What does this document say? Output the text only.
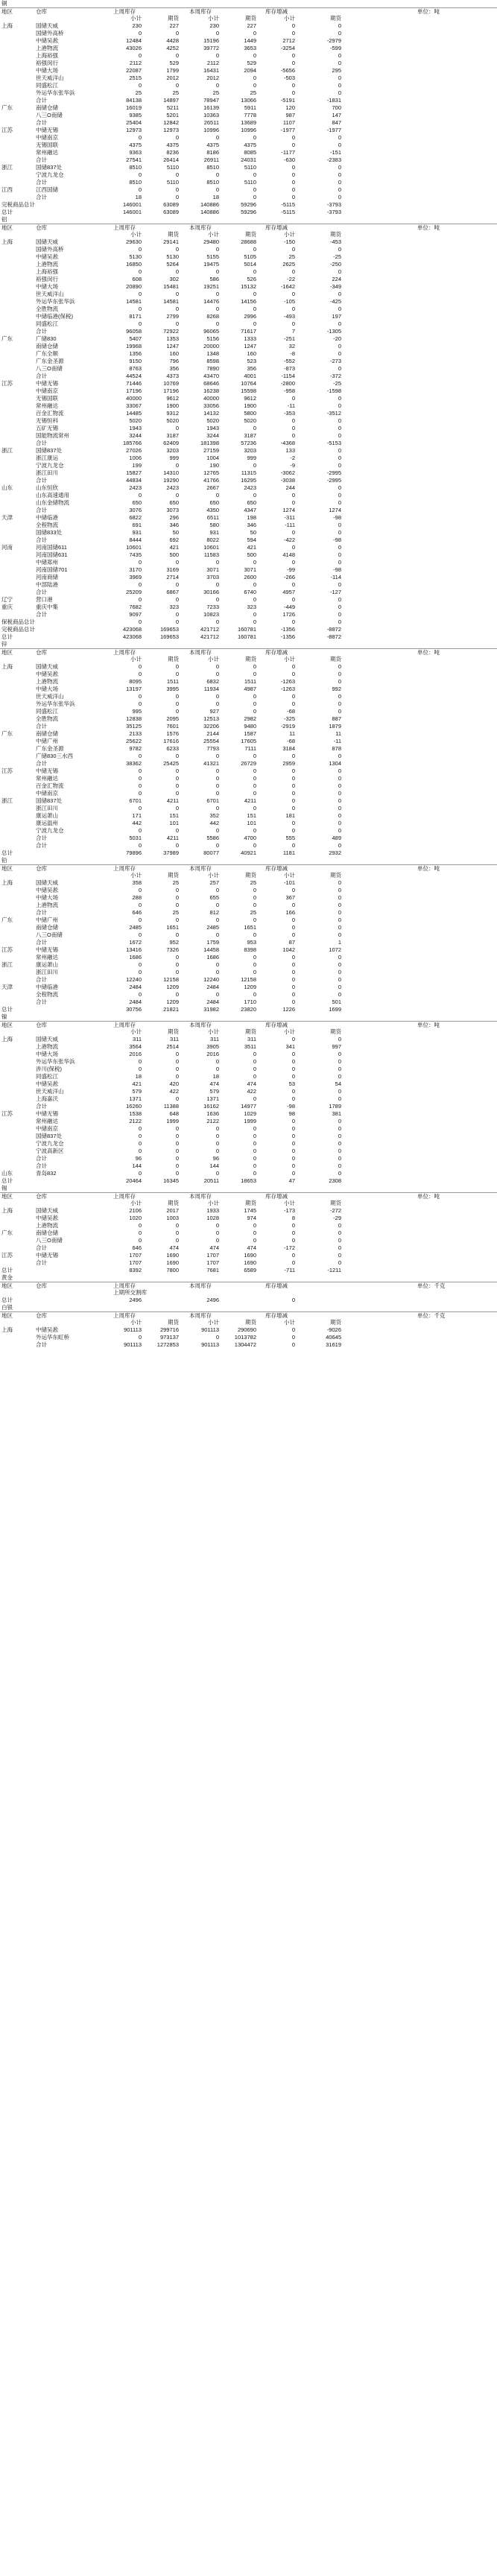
铜
地区	仓库	上周库存	本周库存	库存增减	单位：吨
小计	期货	小计	期货	小计	期货
上海	国储天威	230	227	230	227	0	0
国储外高桥	0	0	0	0	0	0
中储吴淞	12484	4428	15196	1449	2712	-2979
上港物流	43026	4252	39772	3653	-3254	-599
上海裕强	0	0	0	0	0	0
裕强闵行	2112	529	2112	529	0	0
中储大场	22087	1799	16431	2094	-5656	295
世天威洋山	2515	2012	2012	0	-503	0
同盛松江	0	0	0	0	0	0
外运华东张华浜	25	25	25	25	0	0
合计	84138	14897	78947	13066	-5191	-1831
广东	南储仓储	16019	5211	16139	5911	120	700
八三O南储	9385	5201	10363	7778	987	147
合计	25404	12842	26511	13689	1107	847
江苏	中储无锡	12973	12973	10996	10996	-1977	-1977
中储南京	0	0	0	0	0	0
无锡国联	4375	4375	4375	4375	0	0
常州融达	9363	8236	8186	8085	-1177	-151
合计	27541	26414	26911	24031	-630	-2383
浙江	国储837处	8510	5110	8510	5110	0	0
宁波九龙仓	0	0	0	0	0	0
合计	8510	5110	8510	5110	0	0
江西	江西国储	0	0	0	0	0	0
合计	18	0	18	0	0	0
完税商品总计	146001	63089	140886	59296	-5115	-3793
总计	146001	63089	140886	59296	-5115	-3793
铝
地区	仓库	上周库存	本周库存	库存增减	单位：吨
小计	期货	小计	期货	小计	期货
上海	国储天威	29630	29141	29480	28688	-150	-453
国储外高桥	0	0	0	0	0	0
中储吴淞	5130	5130	5155	5105	25	-25
上港物流	16850	5264	19475	5014	2625	-250
上海裕强	0	0	0	0	0	0
裕强闵行	608	302	586	526	-22	224
中储大场	20890	15481	19251	15132	-1642	-349
世天威洋山	0	0	0	0	0	0
外运华东张华浜	14581	14581	14476	14156	-105	-425
全胜物流	0	0	0	0	0	0
中储临港(保税)	8171	2799	8268	2996	-493	197
同盛松江	0	0	0	0	0	0
合计	96058	72922	96065	71617	7	-1305
广东	广储830	5407	1353	5156	1333	-251	-20
南储仓储	19968	1247	20000	1247	32	0
广东全顺	1356	160	1348	160	-8	0
广东金圣源	9150	796	8598	523	-552	-273
八三O南储	8763	356	7890	356	-873	0
合计	44524	4373	43470	4001	-1154	-372
江苏	中储无锡	71446	10769	68646	10764	-2800	-25
中储南京	17196	17196	16238	15598	-958	-1598
无锡国联	40000	9612	40000	9612	0	0
常州融达	33067	1900	33056	1900	-11	0
百金汇物流	14485	9312	14132	5800	-353	-3512
无锡恒科	5020	5020	5020	5020	0	0
五矿无锡	1943	0	1943	0	0	0
国能物流常州	3244	3187	3244	3187	0	0
合计	185766	62409	181398	57236	-4368	-5153
浙江	国储837处	27026	3203	27159	3203	133	0
浙江康运	1006	999	1004	999	-2	0
宁波九龙仓	199	0	190	0	-9	0
浙江田川	15827	14310	12765	11315	-3062	-2995
合计	44834	19290	41766	16295	-3038	-2995
山东	山东恒欣	2423	2423	2667	2423	244	0
山东高速通用	0	0	0	0	0	0
山东金储物流	650	650	650	650	0	0
合计	3076	3073	4350	4347	1274	1274
天津	中储临港	6822	296	6511	198	-311	-98
全程物流	691	346	580	346	-111	0
国储833处	931	50	931	50	0	0
合计	8444	692	8022	594	-422	-98
河南	河南国储611	10601	421	10601	421	0	0
河南国储631	7435	500	11583	500	4148	0
中储郑州	0	0	0	0	0	0
河南国储701	3170	3169	3071	3071	-99	-98
河南商储	3969	2714	3703	2600	-266	-114
中部陆港	0	0	0	0	0	0
合计	25209	6867	30166	6740	4957	-127
辽宁	营口港	0	0	0	0	0	0
重庆	重庆中集	7682	323	7233	323	-449	0
合计	9097	0	10823	0	1726	0
保税商品总计	0	0	0	0	0	0
完税商品总计	423068	169653	421712	160781	-1356	-8872
总计	423068	169653	421712	160781	-1356	-8872
锌
地区	仓库	上周库存	本周库存	库存增减	单位：吨
小计	期货	小计	期货	小计	期货
上海	国储天威	0	0	0	0	0	0
中储吴淞	0	0	0	0	0	0
上港物流	8095	1511	6832	1511	-1263	0
中储大场	13197	3995	11934	4987	-1263	992
世天威洋山	0	0	0	0	0	0
外运华东张华浜	0	0	0	0	0	0
同盛松江	995	0	927	0	-68	0
全胜物流	12838	2095	12513	2982	-325	887
合计	35125	7601	32206	9480	-2919	1879
广东	南储仓储	2133	1576	2144	1587	11	11
中储广州	25622	17616	25554	17605	-68	-11
广东金圣源	9782	6233	7793	7111	3184	878
广储830三水西	0	0	0	0	0	0
合计	38362	25425	41321	26729	2959	1304
江苏	中储无锡	0	0	0	0	0	0
常州融达	0	0	0	0	0	0
百金汇物流	0	0	0	0	0	0
中储南京	0	0	0	0	0	0
浙江	国储837处	6701	4211	6701	4211	0	0
浙江田川	0	0	0	0	0	0
康运萧山	171	151	352	151	181	0
康运温州	442	101	442	101	0	0
宁波九龙仓	0	0	0	0	0	0
合计	5031	4211	5586	4700	555	489
合计	0	0	0	0	0	0
总计	79896	37989	80077	40921	1181	2932
铅
地区	仓库	上周库存	本周库存	库存增减	单位：吨
小计	期货	小计	期货	小计	期货
上海	国储天威	358	25	257	25	-101	0
中储吴淞	0	0	0	0	0	0
中储大场	288	0	655	0	367	0
上港物流	0	0	0	0	0	0
合计	646	25	812	25	166	0
广东	中储广州	0	0	0	0	0	0
南储仓储	2485	1651	2485	1651	0	0
八三O南储	0	0	0	0	0	0
合计	1672	952	1759	953	87	1
江苏	中储无锡	13416	7326	14458	8398	1042	1072
常州融达	1686	0	1686	0	0	0
浙江	康运萧山	0	0	0	0	0	0
浙江田川	0	0	0	0	0	0
合计	12240	12158	12240	12158	0	0
天津	中储临港	2484	1209	2484	1209	0	0
全程物流	0	0	0	0	0	0
合计	2484	1209	2484	1710	0	501
总计	30756	21821	31982	23820	1226	1699
镍
地区	仓库	上周库存	本周库存	库存增减	单位：吨
小计	期货	小计	期货	小计	期货
上海	国储天威	311	311	311	311	0	0
上港物流	3564	2514	3905	3511	341	997
中储大场	2016	0	2016	0	0	0
外运华东张华浜	0	0	0	0	0	0
涉川(保税)	0	0	0	0	0	0
同盛松江	18	0	18	0	0	0
中储吴淞	421	420	474	474	53	54
世天威洋山	579	422	579	422	0	0
上海嘉沃	1371	0	1371	0	0	0
合计	16260	11388	16162	14977	-98	1789
江苏	中储无锡	1538	648	1636	1029	98	381
常州融达	2122	1999	2122	1999	0	0
中储南京	0	0	0	0	0	0
国储837处	0	0	0	0	0	0
宁波九龙仓	0	0	0	0	0	0
宁波高新区	0	0	0	0	0	0
合计	96	0	96	0	0	0
合计	144	0	144	0	0	0
山东	青岛832	0	0	0	0	0	0
总计	20464	16345	20511	18653	47	2308
锡
地区	仓库	上周库存	本周库存	库存增减	单位：吨
小计	期货	小计	期货	小计	期货
上海	国储天威	2106	2017	1933	1745	-173	-272
中储吴淞	1020	1003	1028	974	8	-29
上港物流	0	0	0	0	0	0
广东	南储仓储	0	0	0	0	0	0
八三O南储	0	0	0	0	0	0
合计	646	474	474	474	-172	0
江苏	中储无锡	1707	1690	1707	1690	0	0
合计	1707	1690	1707	1690	0	0
总计	8392	7800	7681	6589	-711	-1211
黄金
地区	仓库	上周库存	本周库存	库存增减	单位：千克
上期所交割库
总计	2496	2496	0
白银
地区	仓库	上周库存	本周库存	库存增减	单位：千克
小计	期货	小计	期货	小计	期货
上海	中储吴淞	901113	299716	901113	290690	0	-9026
外运华东虹桥	0	973137	0	1013782	0	40645
合计	901113	1272853	901113	1304472	0	31619
